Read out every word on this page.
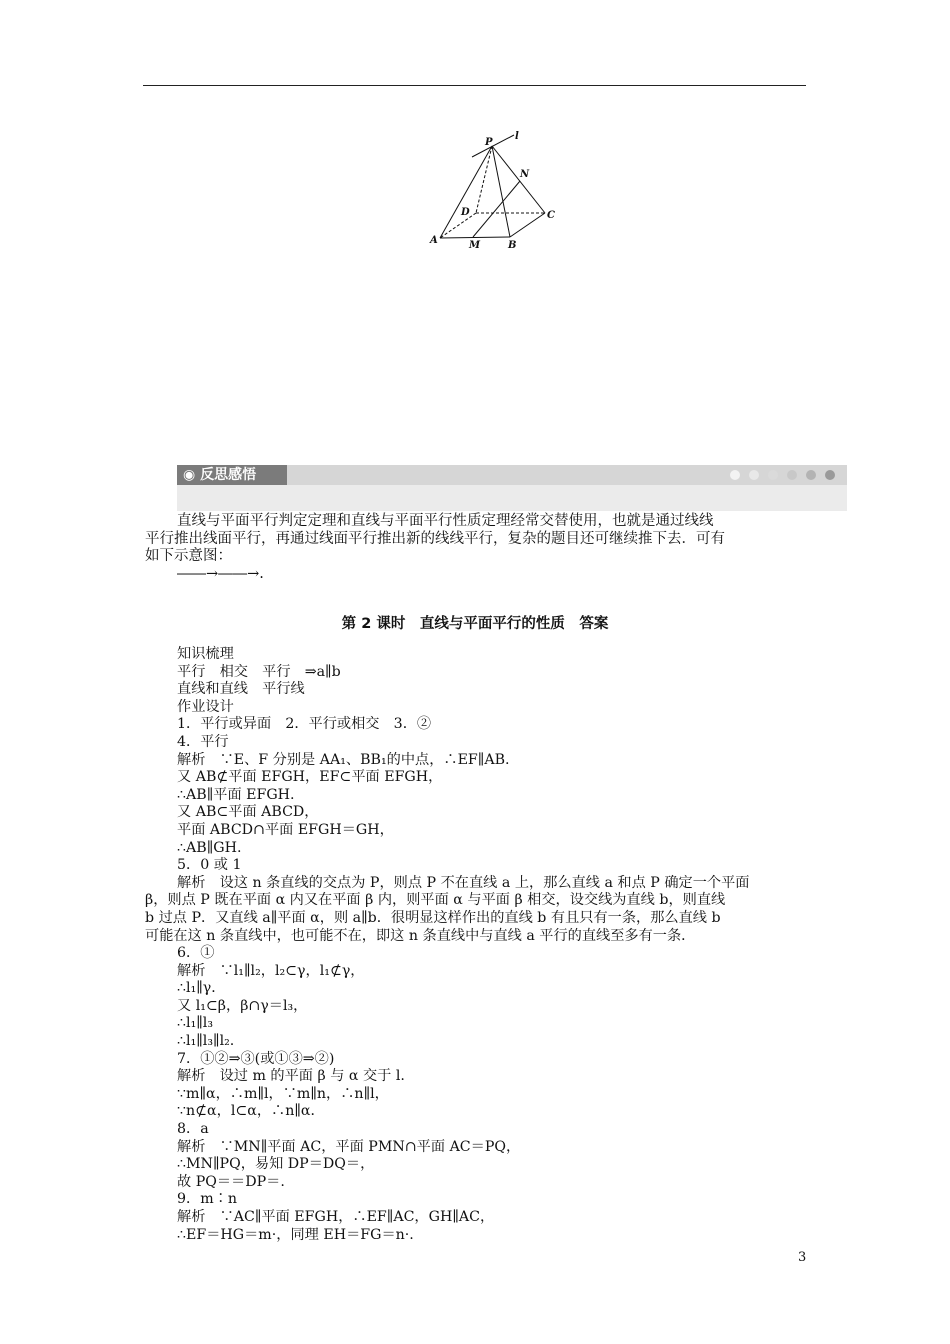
P
l
N
D	C
A	M	B
◉ 反思感悟
直线与平面平行判定定理和直线与平面平行性质定理经常交替使用，也就是通过线线
平行推出线面平行，再通过线面平行推出新的线线平行，复杂的题目还可继续推下去．可有
如下示意图：
――→――→.
第 2 课时　直线与平面平行的性质　答案
知识梳理
平行　相交　平行　⇒a∥b
直线和直线　平行线
作业设计
1．平行或异面　2．平行或相交　3．②
4．平行
解析　∵E、F 分别是 AA₁、BB₁的中点，∴EF∥AB.
又 AB⊄平面 EFGH，EF⊂平面 EFGH，
∴AB∥平面 EFGH.
又 AB⊂平面 ABCD，
平面 ABCD∩平面 EFGH＝GH，
∴AB∥GH.
5．0 或 1
解析　设这 n 条直线的交点为 P，则点 P 不在直线 a 上，那么直线 a 和点 P 确定一个平面
β，则点 P 既在平面 α 内又在平面 β 内，则平面 α 与平面 β 相交，设交线为直线 b，则直线
b 过点 P．又直线 a∥平面 α，则 a∥b．很明显这样作出的直线 b 有且只有一条，那么直线 b
可能在这 n 条直线中，也可能不在，即这 n 条直线中与直线 a 平行的直线至多有一条．
6．①
解析　∵l₁∥l₂，l₂⊂γ，l₁⊄γ，
∴l₁∥γ．
又 l₁⊂β，β∩γ＝l₃，
∴l₁∥l₃
∴l₁∥l₃∥l₂.
7．①②⇒③(或①③⇒②)
解析　设过 m 的平面 β 与 α 交于 l.
∵m∥α，∴m∥l，∵m∥n，∴n∥l，
∵n⊄α，l⊂α，∴n∥α．
8．a
解析　∵MN∥平面 AC，平面 PMN∩平面 AC＝PQ，
∴MN∥PQ，易知 DP＝DQ＝，
故 PQ＝＝DP＝.
9．m∶n
解析　∵AC∥平面 EFGH，∴EF∥AC，GH∥AC，
∴EF＝HG＝m·，同理 EH＝FG＝n·.
3
